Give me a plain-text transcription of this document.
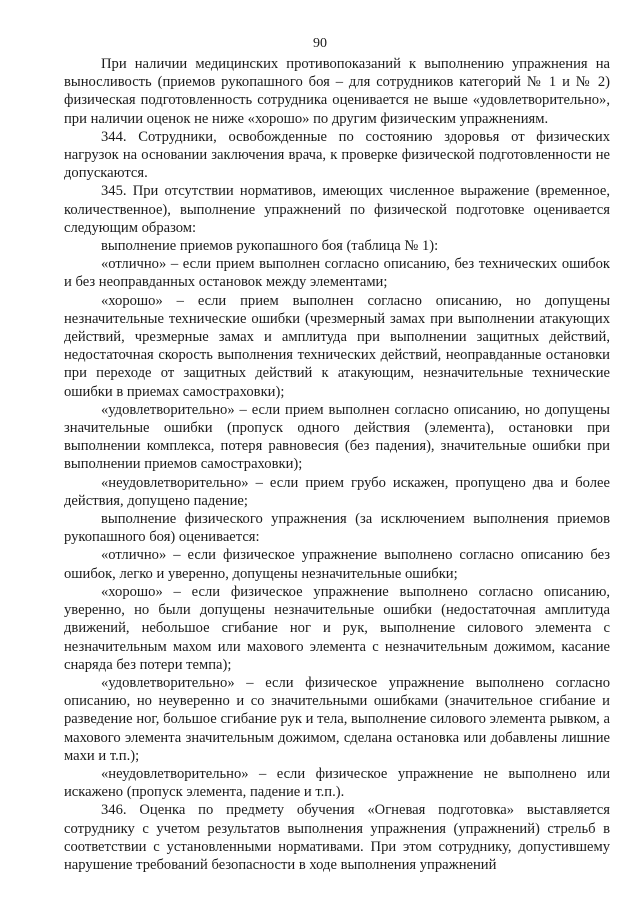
90

При наличии медицинских противопоказаний к выполнению упражнения на выносливость (приемов рукопашного боя – для сотрудников категорий № 1 и № 2) физическая подготовленность сотрудника оценивается не выше «удовлетворительно», при наличии оценок не ниже «хорошо» по другим физическим упражнениям.

344. Сотрудники, освобожденные по состоянию здоровья от физических нагрузок на основании заключения врача, к проверке физической подготовленности не допускаются.

345. При отсутствии нормативов, имеющих численное выражение (временное, количественное), выполнение упражнений по физической подготовке оценивается следующим образом:

выполнение приемов рукопашного боя (таблица № 1):

«отлично» – если прием выполнен согласно описанию, без технических ошибок и без неоправданных остановок между элементами;

«хорошо» – если прием выполнен согласно описанию, но допущены незначительные технические ошибки (чрезмерный замах при выполнении атакующих действий, чрезмерные замах и амплитуда при выполнении защитных действий, недостаточная скорость выполнения технических действий, неоправданные остановки при переходе от защитных действий к атакующим, незначительные технические ошибки в приемах самостраховки);

«удовлетворительно» – если прием выполнен согласно описанию, но допущены значительные ошибки (пропуск одного действия (элемента), остановки при выполнении комплекса, потеря равновесия (без падения), значительные ошибки при выполнении приемов самостраховки);

«неудовлетворительно» – если прием грубо искажен, пропущено два и более действия, допущено падение;

выполнение физического упражнения (за исключением выполнения приемов рукопашного боя) оценивается:

«отлично» – если физическое упражнение выполнено согласно описанию без ошибок, легко и уверенно, допущены незначительные ошибки;

«хорошо» – если физическое упражнение выполнено согласно описанию, уверенно, но были допущены незначительные ошибки (недостаточная амплитуда движений, небольшое сгибание ног и рук, выполнение силового элемента с незначительным махом или махового элемента с незначительным дожимом, касание снаряда без потери темпа);

«удовлетворительно» – если физическое упражнение выполнено согласно описанию, но неуверенно и со значительными ошибками (значительное сгибание и разведение ног, большое сгибание рук и тела, выполнение силового элемента рывком, а махового элемента значительным дожимом, сделана остановка или добавлены лишние махи и т.п.);

«неудовлетворительно» – если физическое упражнение не выполнено или искажено (пропуск элемента, падение и т.п.).

346. Оценка по предмету обучения «Огневая подготовка» выставляется сотруднику с учетом результатов выполнения упражнения (упражнений) стрельб в соответствии с установленными нормативами. При этом сотруднику, допустившему нарушение требований безопасности в ходе выполнения упражнений
